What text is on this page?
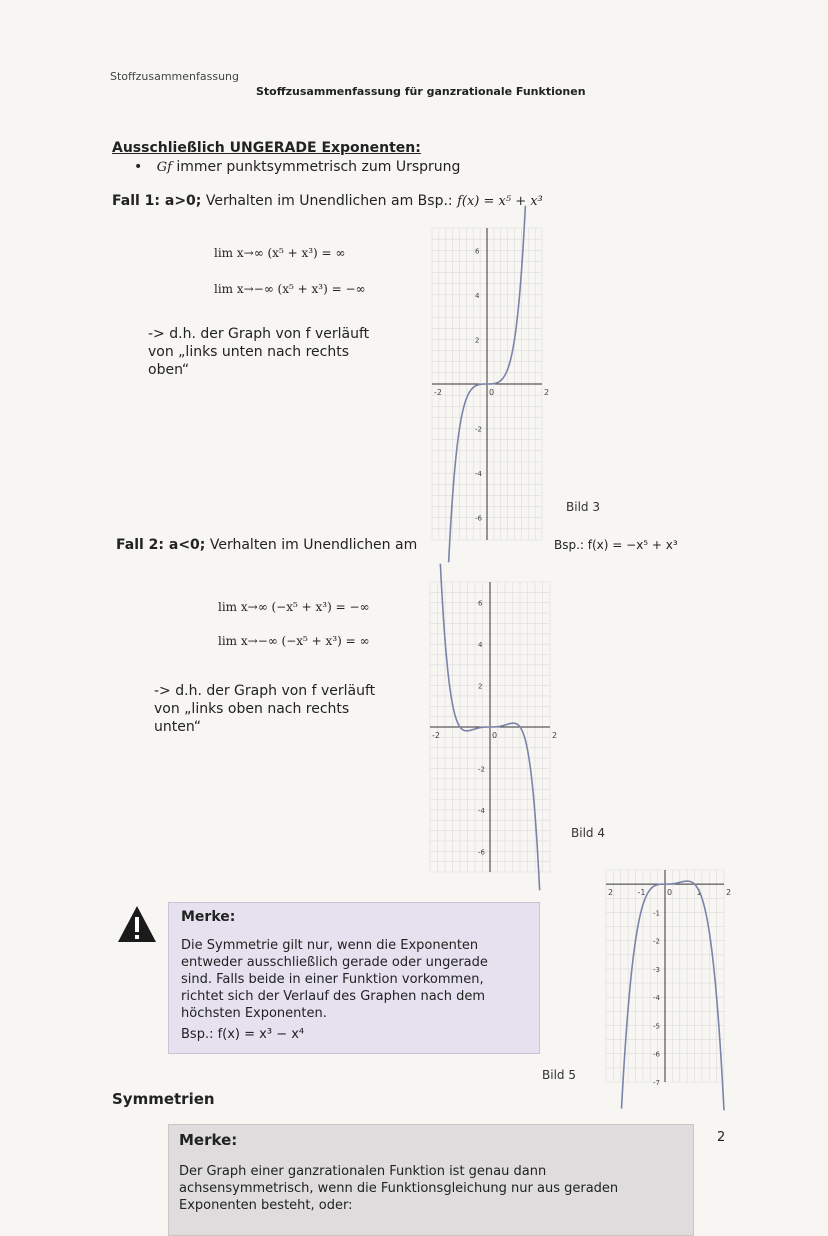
Stoffzusammenfassung
Stoffzusammenfassung für ganzrationale Funktionen
Ausschließlich UNGERADE Exponenten:
• Gf immer punktsymmetrisch zum Ursprung
Fall 1: a>0; Verhalten im Unendlichen am Bsp.: f(x) = x⁵ + x³
lim x→∞ (x⁵ + x³) = ∞
lim x→−∞ (x⁵ + x³) = −∞
-> d.h. der Graph von f verläuft von „links unten nach rechts oben“
-2	0	2
6
4
2
-2
-4
-6
Bild 3
Fall 2: a<0; Verhalten im Unendlichen am	Bsp.: f(x) = −x⁵ + x³
lim x→∞ (−x⁵ + x³) = −∞
lim x→−∞ (−x⁵ + x³) = ∞
-> d.h. der Graph von f verläuft von „links oben nach rechts unten“
-2	0	2
6
4
2
-2
-4
-6
Bild 4
Merke:
Die Symmetrie gilt nur, wenn die Exponenten entweder ausschließlich gerade oder ungerade sind. Falls beide in einer Funktion vorkommen, richtet sich der Verlauf des Graphen nach dem höchsten Exponenten.
Bsp.: f(x) = x³ − x⁴
2	-1	0	1	2
-1
-2
-3
-4
-5
-6
-7
Bild 5
Symmetrien
Merke:
Der Graph einer ganzrationalen Funktion ist genau dann achsensymmetrisch, wenn die Funktionsgleichung nur aus geraden Exponenten besteht, oder:
2
